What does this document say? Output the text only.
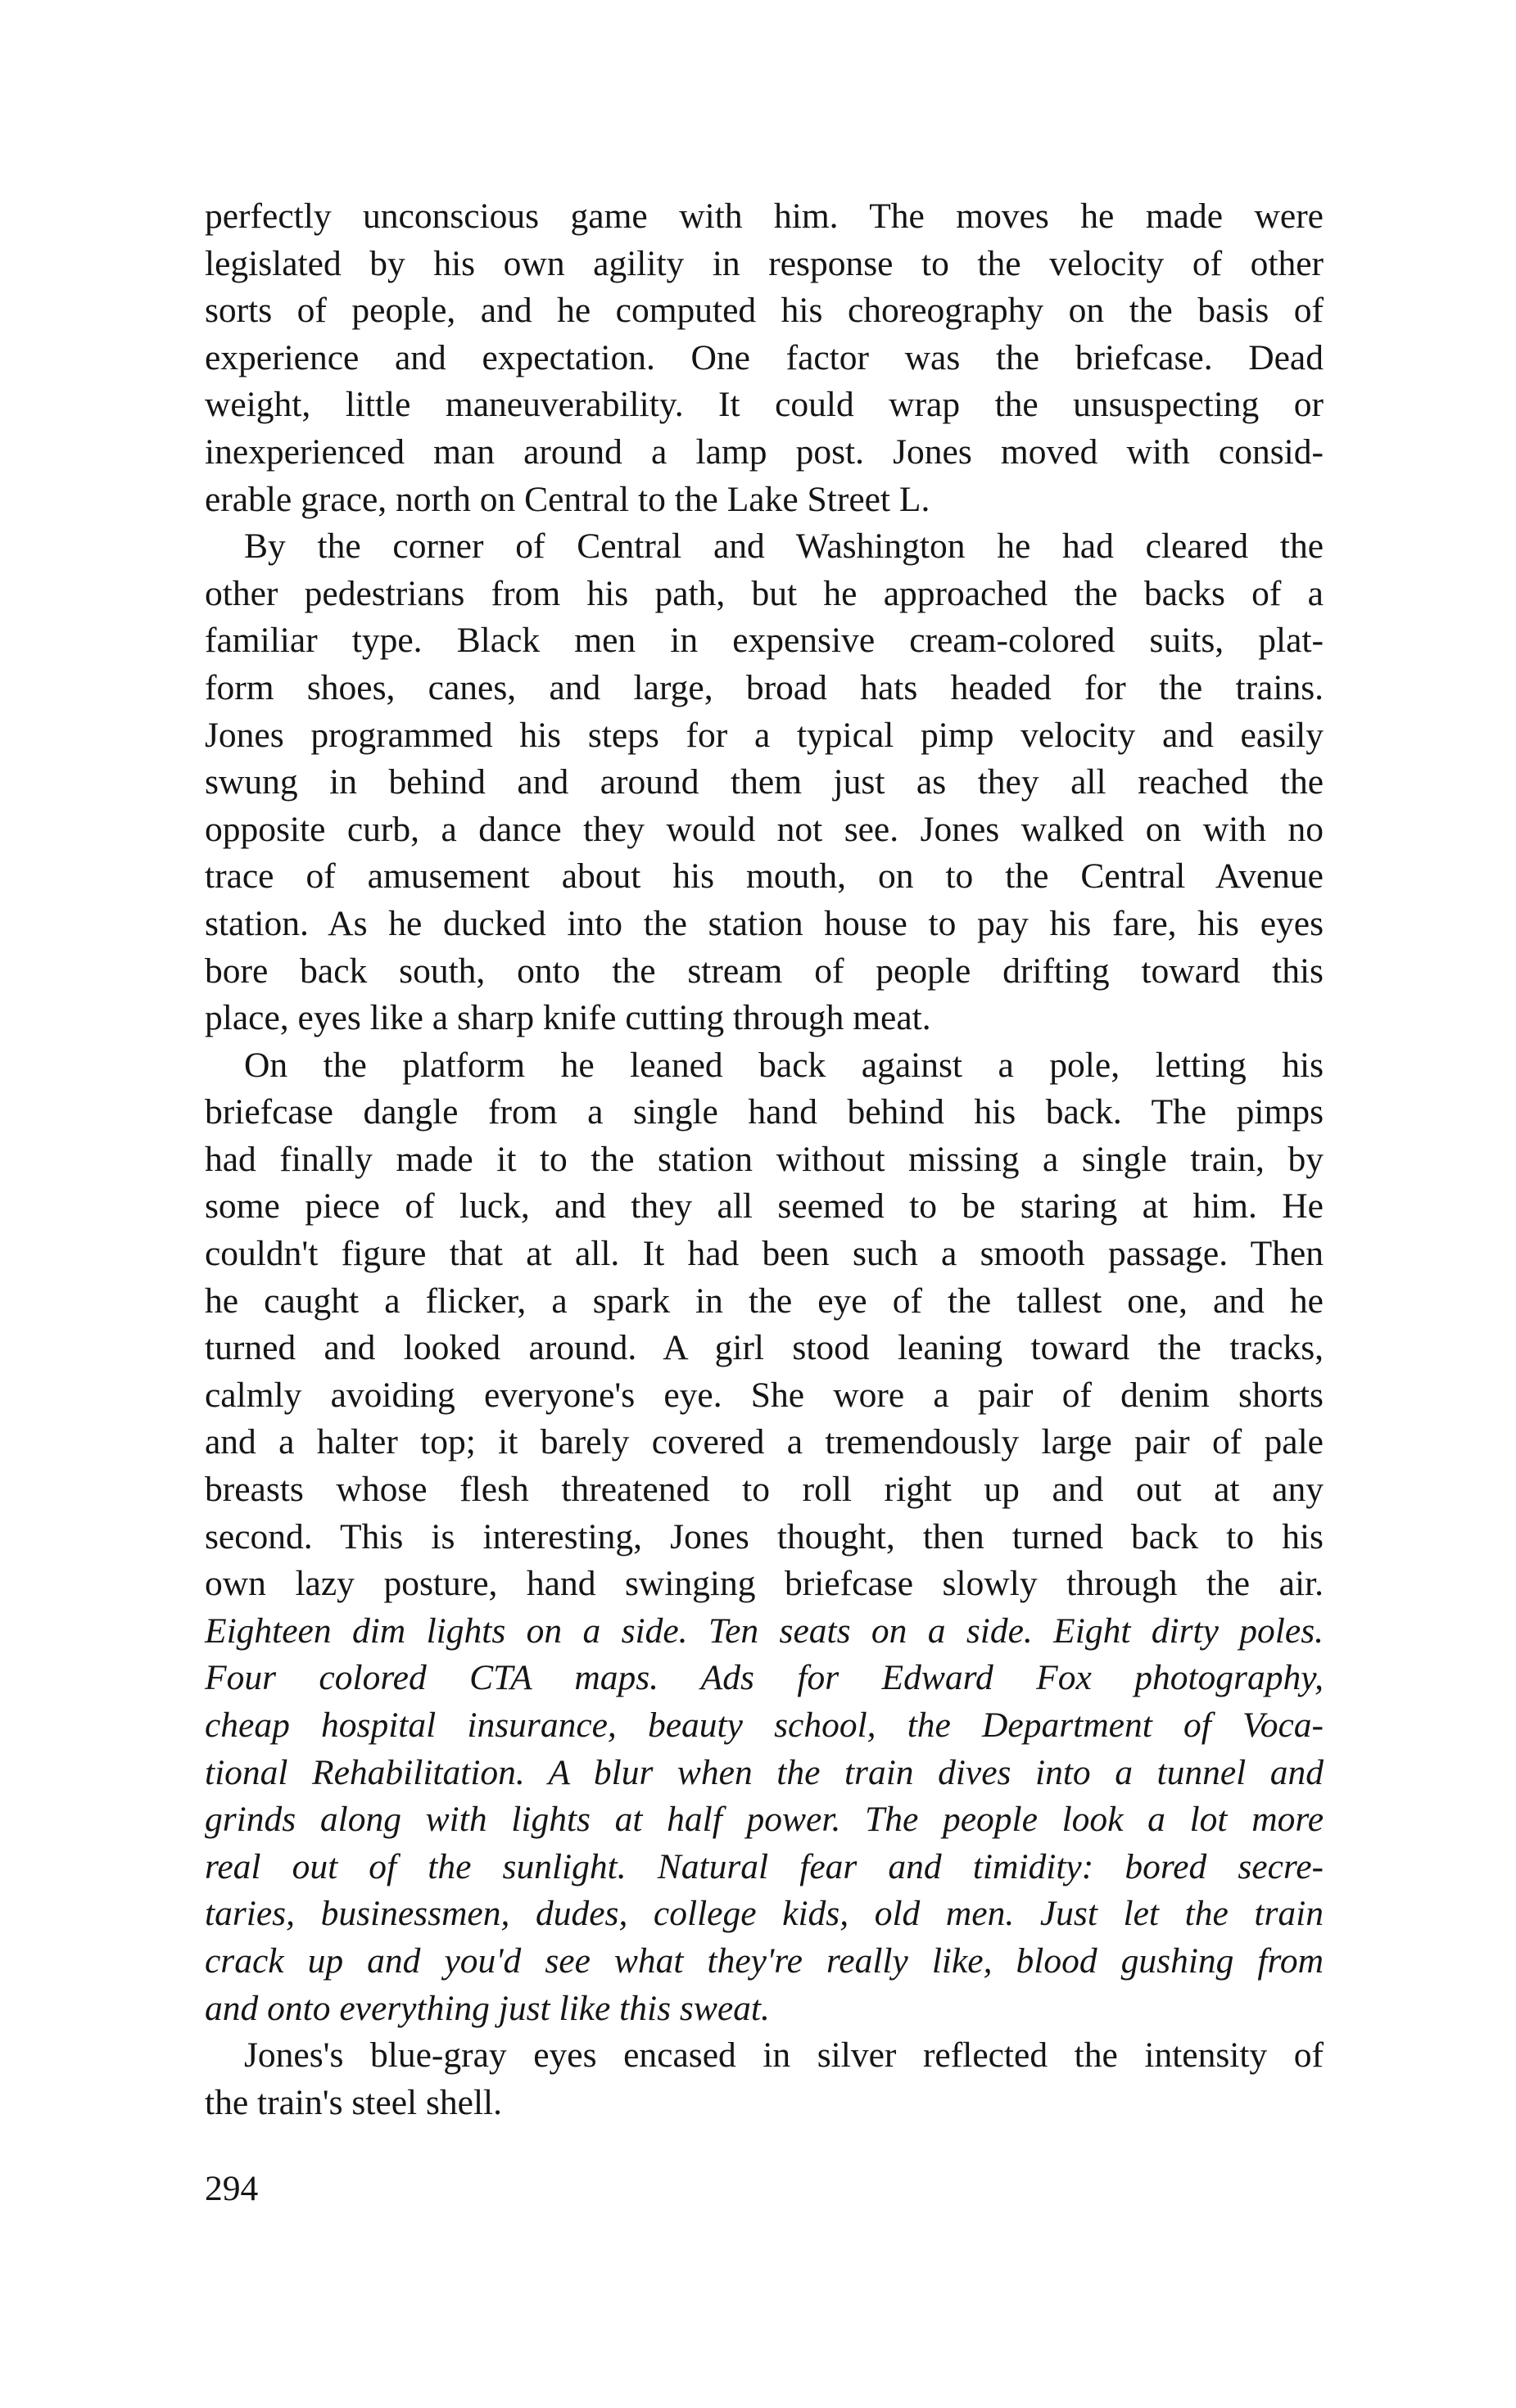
perfectly unconscious game with him. The moves he made were
legislated by his own agility in response to the velocity of other
sorts of people, and he computed his choreography on the basis of
experience and expectation. One factor was the briefcase. Dead
weight, little maneuverability. It could wrap the unsuspecting or
inexperienced man around a lamp post. Jones moved with consid-
erable grace, north on Central to the Lake Street L.
By the corner of Central and Washington he had cleared the
other pedestrians from his path, but he approached the backs of a
familiar type. Black men in expensive cream-colored suits, plat-
form shoes, canes, and large, broad hats headed for the trains.
Jones programmed his steps for a typical pimp velocity and easily
swung in behind and around them just as they all reached the
opposite curb, a dance they would not see. Jones walked on with no
trace of amusement about his mouth, on to the Central Avenue
station. As he ducked into the station house to pay his fare, his eyes
bore back south, onto the stream of people drifting toward this
place, eyes like a sharp knife cutting through meat.
On the platform he leaned back against a pole, letting his
briefcase dangle from a single hand behind his back. The pimps
had finally made it to the station without missing a single train, by
some piece of luck, and they all seemed to be staring at him. He
couldn't figure that at all. It had been such a smooth passage. Then
he caught a flicker, a spark in the eye of the tallest one, and he
turned and looked around. A girl stood leaning toward the tracks,
calmly avoiding everyone's eye. She wore a pair of denim shorts
and a halter top; it barely covered a tremendously large pair of pale
breasts whose flesh threatened to roll right up and out at any
second. This is interesting, Jones thought, then turned back to his
own lazy posture, hand swinging briefcase slowly through the air.
Eighteen dim lights on a side. Ten seats on a side. Eight dirty poles.
Four colored CTA maps. Ads for Edward Fox photography,
cheap hospital insurance, beauty school, the Department of Voca-
tional Rehabilitation. A blur when the train dives into a tunnel and
grinds along with lights at half power. The people look a lot more
real out of the sunlight. Natural fear and timidity: bored secre-
taries, businessmen, dudes, college kids, old men. Just let the train
crack up and you'd see what they're really like, blood gushing from
and onto everything just like this sweat.
Jones's blue-gray eyes encased in silver reflected the intensity of
the train's steel shell.
294
